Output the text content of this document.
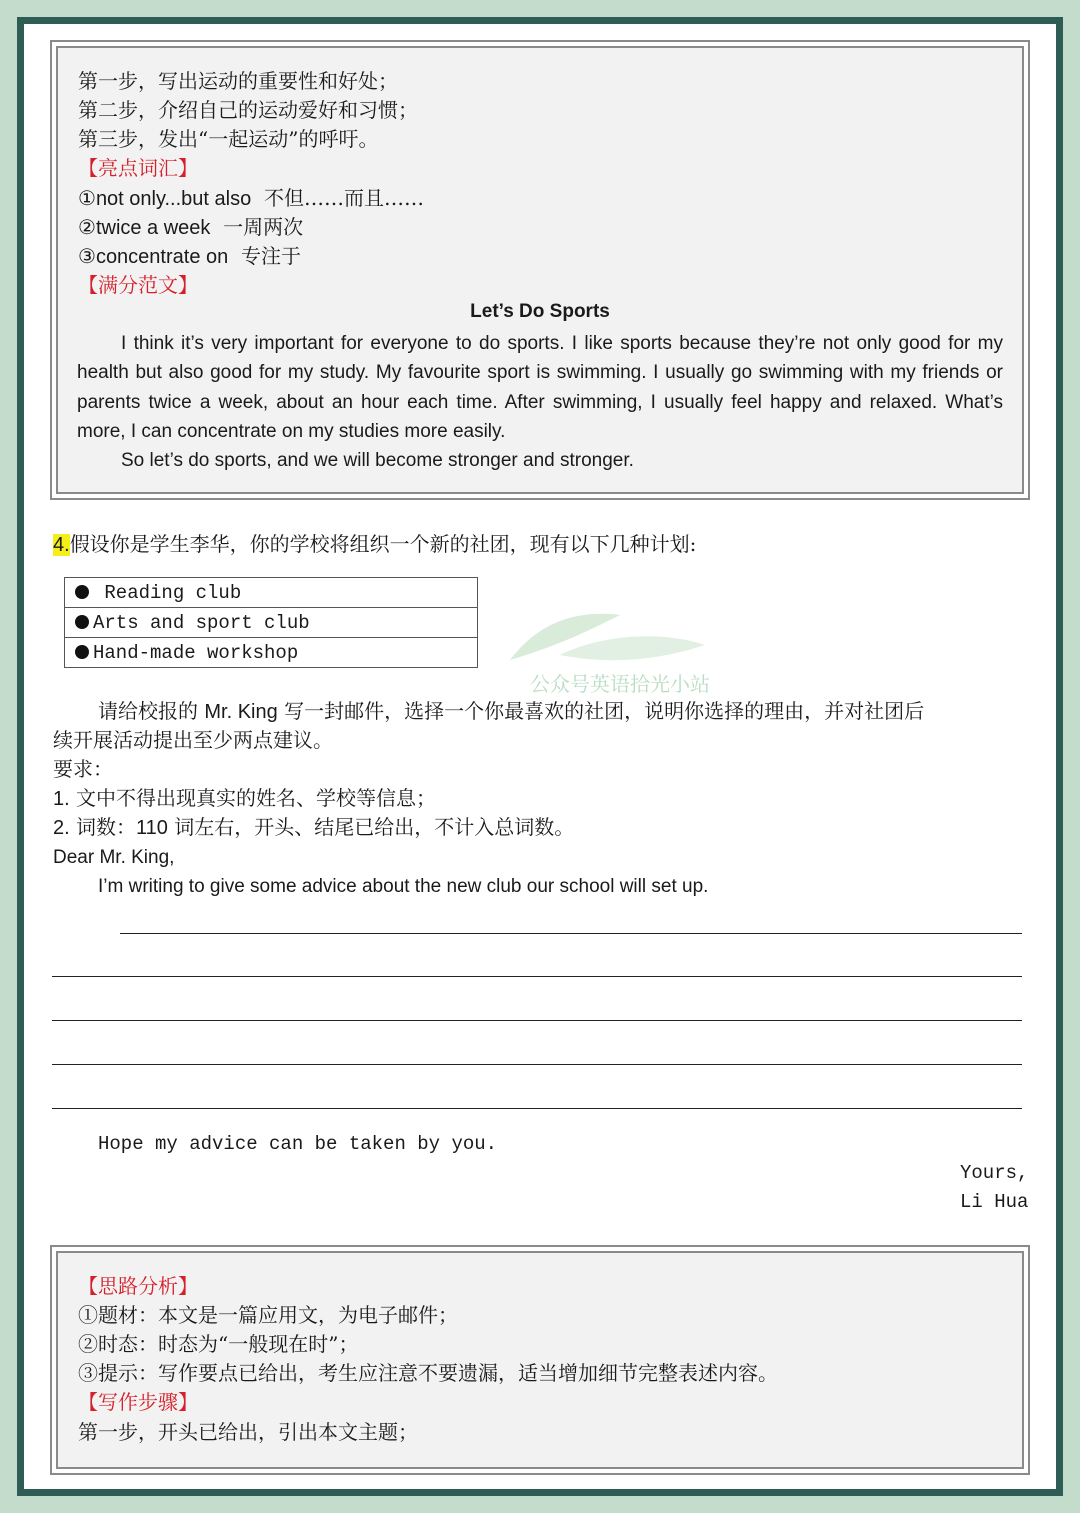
第一步，写出运动的重要性和好处；
第二步，介绍自己的运动爱好和习惯；
第三步，发出“一起运动”的呼吁。
【亮点词汇】
①not only...but also 不但……而且……
②twice a week 一周两次
③concentrate on 专注于
【满分范文】
Let’s Do Sports
I think it’s very important for everyone to do sports. I like sports because they’re not only good for my health but also good for my study. My favourite sport is swimming. I usually go swimming with my friends or parents twice a week, about an hour each time. After swimming, I usually feel happy and relaxed. What’s more, I can concentrate on my studies more easily.
So let’s do sports, and we will become stronger and stronger.
4.假设你是学生李华，你的学校将组织一个新的社团，现有以下几种计划:
Reading club
Arts and sport club
Hand-made workshop
公众号英语拾光小站
请给校报的 Mr. King 写一封邮件，选择一个你最喜欢的社团，说明你选择的理由，并对社团后
续开展活动提出至少两点建议。
要求：
1. 文中不得出现真实的姓名、学校等信息；
2. 词数：110 词左右，开头、结尾已给出，不计入总词数。
Dear Mr. King,
I’m writing to give some advice about the new club our school will set up.
Hope my advice can be taken by you.
Yours,
Li Hua
【思路分析】
①题材：本文是一篇应用文，为电子邮件；
②时态：时态为“一般现在时”；
③提示：写作要点已给出，考生应注意不要遗漏，适当增加细节完整表述内容。
【写作步骤】
第一步，开头已给出，引出本文主题；
